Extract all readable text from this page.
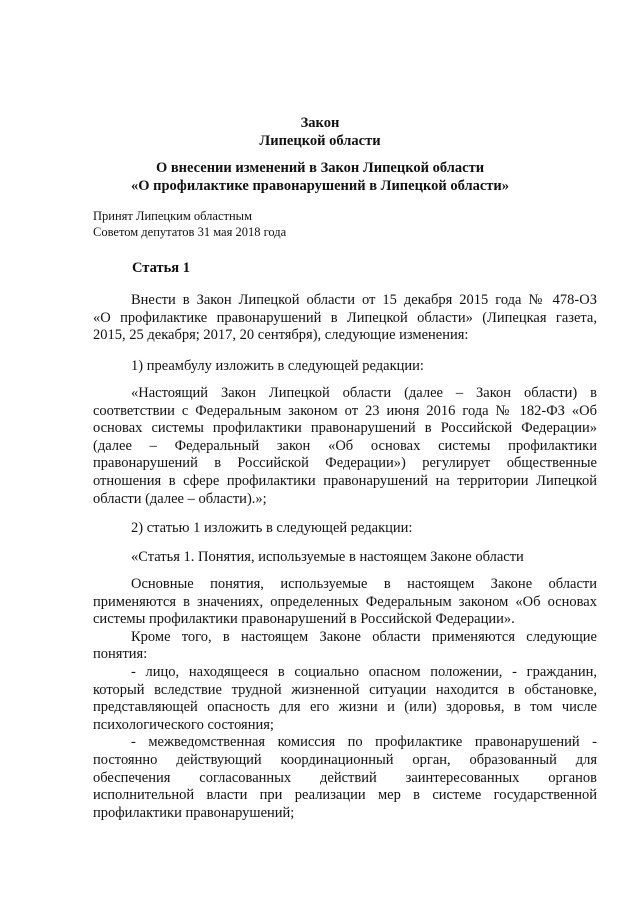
Закон
Липецкой области
О внесении изменений в Закон Липецкой области
«О профилактике правонарушений в Липецкой области»
Принят Липецким областным
Советом депутатов 31 мая 2018 года
Статья 1
Внести в Закон Липецкой области от 15 декабря 2015 года № 478-ОЗ
«О профилактике правонарушений в Липецкой области» (Липецкая газета,
2015, 25 декабря; 2017, 20 сентября), следующие изменения:
1) преамбулу изложить в следующей редакции:
«Настоящий Закон Липецкой области (далее – Закон области) в
соответствии с Федеральным законом от 23 июня 2016 года № 182-ФЗ «Об
основах системы профилактики правонарушений в Российской Федерации»
(далее – Федеральный закон «Об основах системы профилактики
правонарушений в Российской Федерации») регулирует общественные
отношения в сфере профилактики правонарушений на территории Липецкой
области (далее – области).»;
2) статью 1 изложить в следующей редакции:
«Статья 1. Понятия, используемые в настоящем Законе области
Основные понятия, используемые в настоящем Законе области
применяются в значениях, определенных Федеральным законом «Об основах
системы профилактики правонарушений в Российской Федерации».
Кроме того, в настоящем Законе области применяются следующие
понятия:
- лицо, находящееся в социально опасном положении, - гражданин,
который вследствие трудной жизненной ситуации находится в обстановке,
представляющей опасность для его жизни и (или) здоровья, в том числе
психологического состояния;
- межведомственная комиссия по профилактике правонарушений -
постоянно действующий координационный орган, образованный для
обеспечения согласованных действий заинтересованных органов
исполнительной власти при реализации мер в системе государственной
профилактики правонарушений;
